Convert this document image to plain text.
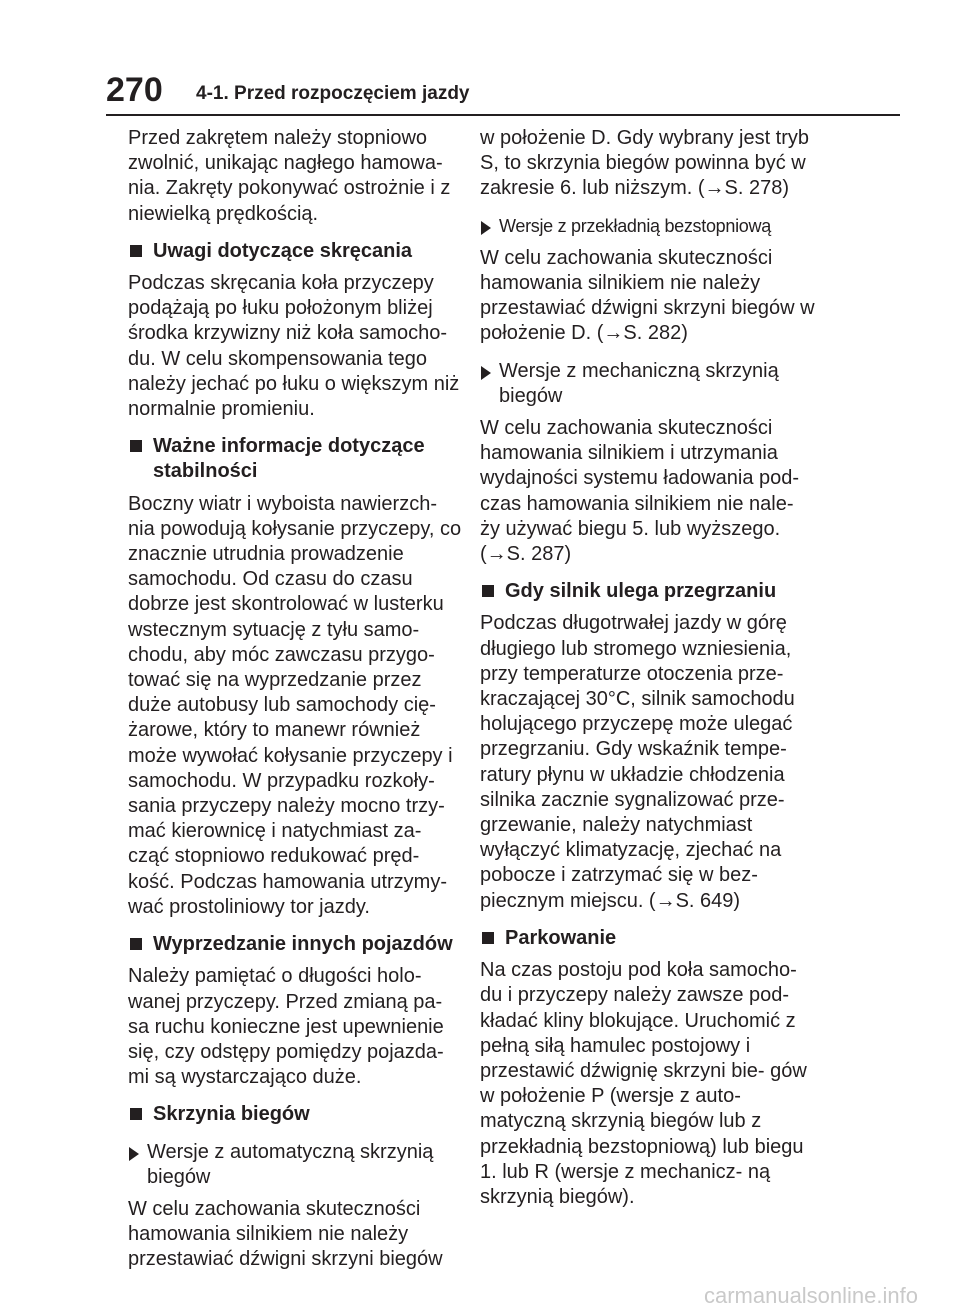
270 4-1. Przed rozpoczęciem jazdy

Przed zakrętem należy stopniowo zwolnić, unikając nagłego hamowa- nia. Zakręty pokonywać ostrożnie i z niewielką prędkością.

Uwagi dotyczące skręcania

Podczas skręcania koła przyczepy podążają po łuku położonym bliżej środka krzywizny niż koła samocho- du. W celu skompensowania tego należy jechać po łuku o większym niż normalnie promieniu.

Ważne informacje dotyczące stabilności

Boczny wiatr i wyboista nawierzch- nia powodują kołysanie przyczepy, co znacznie utrudnia prowadzenie samochodu. Od czasu do czasu dobrze jest skontrolować w lusterku wstecznym sytuację z tyłu samo- chodu, aby móc zawczasu przygo- tować się na wyprzedzanie przez duże autobusy lub samochody cię- żarowe, który to manewr również może wywołać kołysanie przyczepy i samochodu. W przypadku rozkoły- sania przyczepy należy mocno trzy- mać kierownicę i natychmiast za- cząć stopniowo redukować pręd- kość. Podczas hamowania utrzymy- wać prostoliniowy tor jazdy.

Wyprzedzanie innych pojazdów

Należy pamiętać o długości holo- wanej przyczepy. Przed zmianą pa- sa ruchu konieczne jest upewnienie się, czy odstępy pomiędzy pojazda- mi są wystarczająco duże.

Skrzynia biegów
Wersje z automatyczną skrzynią biegów

W celu zachowania skuteczności hamowania silnikiem nie należy przestawiać dźwigni skrzyni biegów

w położenie D. Gdy wybrany jest tryb S, to skrzynia biegów powinna być w zakresie 6. lub niższym. (→S. 278)

Wersje z przekładnią bezstopniową

W celu zachowania skuteczności hamowania silnikiem nie należy przestawiać dźwigni skrzyni biegów w położenie D. (→S. 282)

Wersje z mechaniczną skrzynią biegów

W celu zachowania skuteczności hamowania silnikiem i utrzymania wydajności systemu ładowania pod- czas hamowania silnikiem nie nale- ży używać biegu 5. lub wyższego. (→S. 287)

Gdy silnik ulega przegrzaniu

Podczas długotrwałej jazdy w górę długiego lub stromego wzniesienia, przy temperaturze otoczenia prze- kraczającej 30°C, silnik samochodu holującego przyczepę może ulegać przegrzaniu. Gdy wskaźnik tempe- ratury płynu w układzie chłodzenia silnika zacznie sygnalizować prze- grzewanie, należy natychmiast wyłączyć klimatyzację, zjechać na pobocze i zatrzymać się w bez- piecznym miejscu. (→S. 649)

Parkowanie

Na czas postoju pod koła samocho- du i przyczepy należy zawsze pod- kładać kliny blokujące. Uruchomić z pełną siłą hamulec postojowy i przestawić dźwignię skrzyni bie- gów w położenie P (wersje z auto- matyczną skrzynią biegów lub z przekładnią bezstopniową) lub biegu 1. lub R (wersje z mechanicz- ną skrzynią biegów).

carmanualsonline.info
